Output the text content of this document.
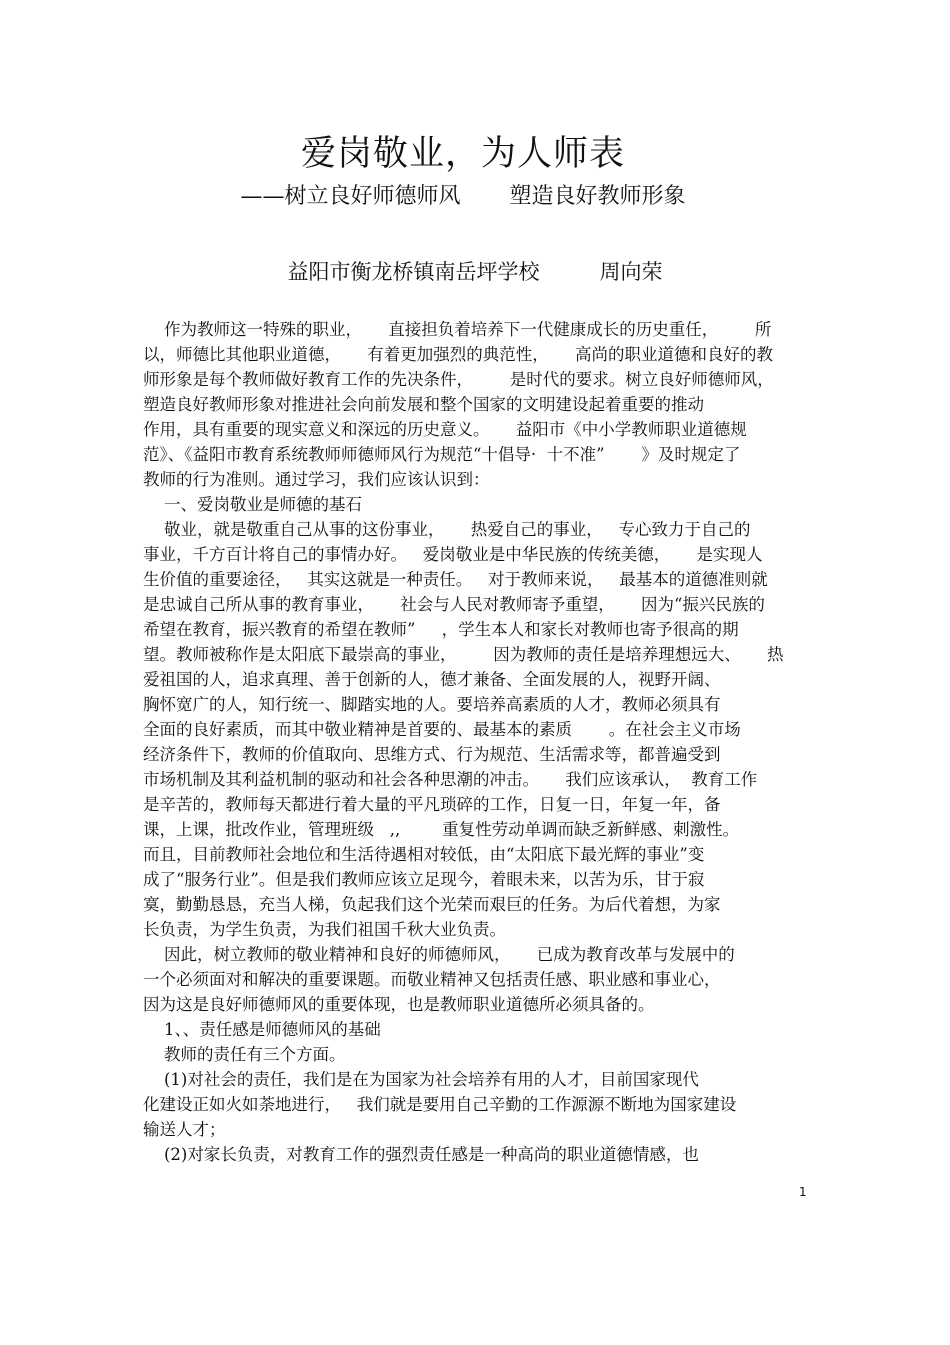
爱岗敬业，为人师表
——树立良好师德师风       塑造良好教师形象
益阳市衡龙桥镇南岳坪学校         周向荣
作为教师这一特殊的职业，     直接担负着培养下一代健康成长的历史重任，       所
以，师德比其他职业道德，     有着更加强烈的典范性，     高尚的职业道德和良好的教
师形象是每个教师做好教育工作的先决条件，       是时代的要求。树立良好师德师风，
塑造良好教师形象对推进社会向前发展和整个国家的文明建设起着重要的推动
作用，具有重要的现实意义和深远的历史意义。     益阳市《中小学教师职业道德规
范》、《益阳市教育系统教师师德师风行为规范“十倡导·  十不准”       》及时规定了
教师的行为准则。通过学习，我们应该认识到：
一、爱岗敬业是师德的基石
敬业，就是敬重自己从事的这份事业，     热爱自己的事业，   专心致力于自己的
事业，千方百计将自己的事情办好。   爱岗敬业是中华民族的传统美德，     是实现人
生价值的重要途径，   其实这就是一种责任。   对于教师来说，   最基本的道德准则就
是忠诚自己所从事的教育事业，     社会与人民对教师寄予重望，     因为“振兴民族的
希望在教育，振兴教育的希望在教师”     ，学生本人和家长对教师也寄予很高的期
望。教师被称作是太阳底下最崇高的事业，       因为教师的责任是培养理想远大、     热
爱祖国的人，追求真理、善于创新的人，德才兼备、全面发展的人，视野开阔、
胸怀宽广的人，知行统一、脚踏实地的人。要培养高素质的人才，教师必须具有
全面的良好素质，而其中敬业精神是首要的、最基本的素质       。在社会主义市场
经济条件下，教师的价值取向、思维方式、行为规范、生活需求等，都普遍受到
市场机制及其利益机制的驱动和社会各种思潮的冲击。     我们应该承认，  教育工作
是辛苦的，教师每天都进行着大量的平凡琐碎的工作，日复一日，年复一年，备
课，上课，批改作业，管理班级   ,,        重复性劳动单调而缺乏新鲜感、刺激性。
而且，目前教师社会地位和生活待遇相对较低，由“太阳底下最光辉的事业”变
成了“服务行业”。但是我们教师应该立足现今，着眼未来，以苦为乐，甘于寂
寞，勤勤恳恳，充当人梯，负起我们这个光荣而艰巨的任务。为后代着想，为家
长负责，为学生负责，为我们祖国千秋大业负责。
因此，树立教师的敬业精神和良好的师德师风，     已成为教育改革与发展中的
一个必须面对和解决的重要课题。而敬业精神又包括责任感、职业感和事业心，
因为这是良好师德师风的重要体现，也是教师职业道德所必须具备的。
1、、责任感是师德师风的基础
教师的责任有三个方面。
(1)对社会的责任，我们是在为国家为社会培养有用的人才，目前国家现代
化建设正如火如荼地进行，   我们就是要用自己辛勤的工作源源不断地为国家建设
输送人才；
(2)对家长负责，对教育工作的强烈责任感是一种高尚的职业道德情感，也
1
